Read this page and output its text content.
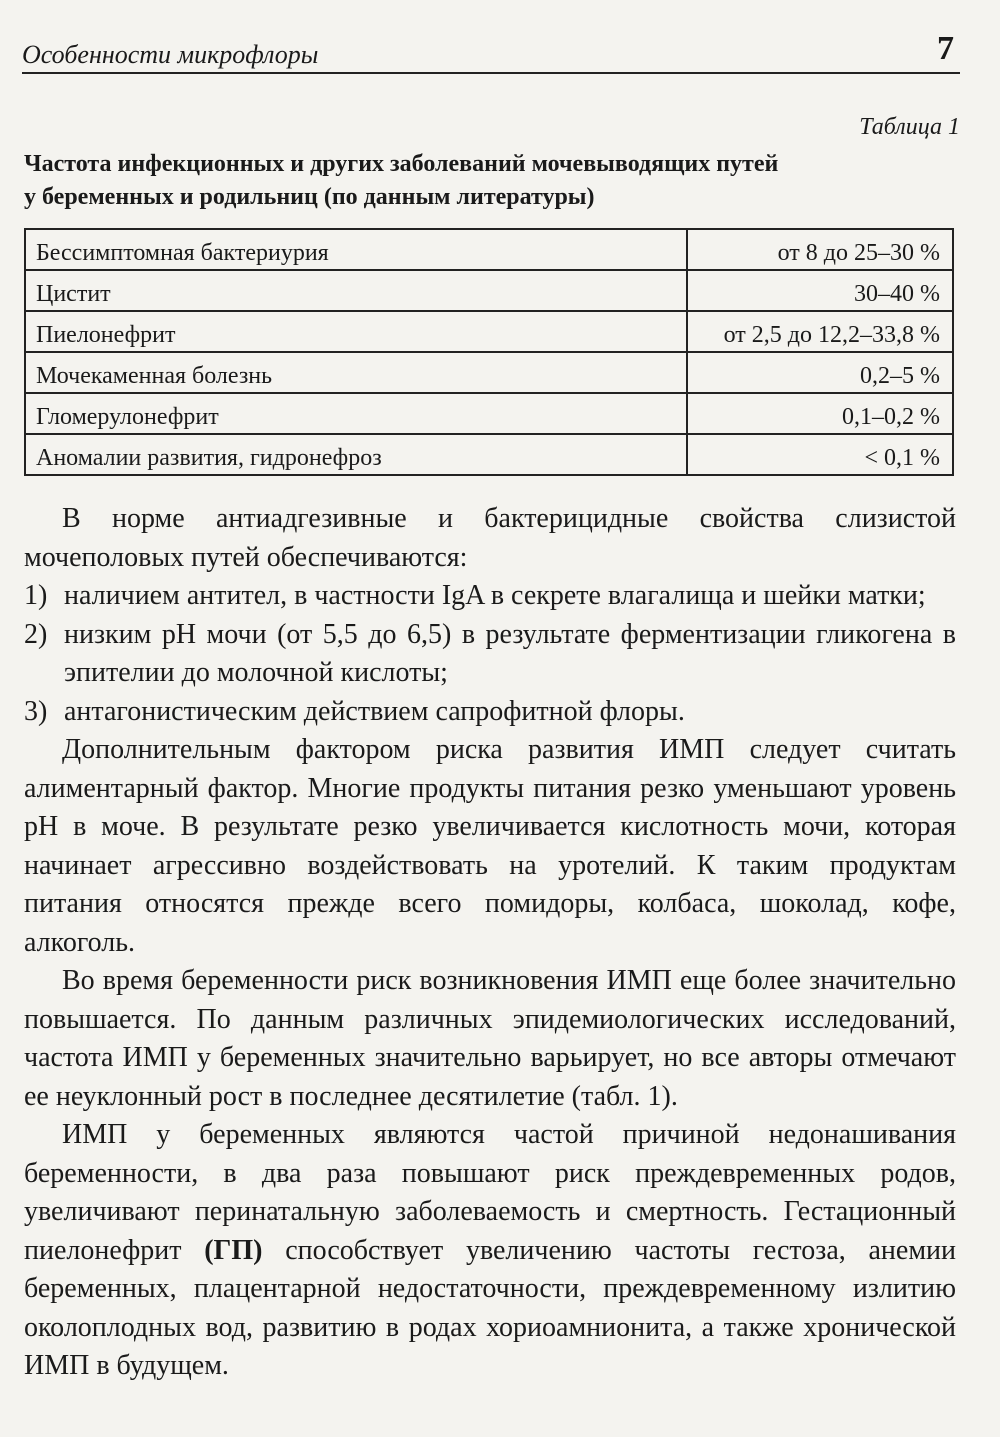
Особенности микрофлоры	7
Таблица 1
Частота инфекционных и других заболеваний мочевыводящих путей
у беременных и родильниц (по данным литературы)
Бессимптомная бактериурия	от 8 до 25–30 %
Цистит	30–40 %
Пиелонефрит	от 2,5 до 12,2–33,8 %
Мочекаменная болезнь	0,2–5 %
Гломерулонефрит	0,1–0,2 %
Аномалии развития, гидронефроз	< 0,1 %

В норме антиадгезивные и бактерицидные свойства слизистой мочеполовых путей обеспечиваются:

1) наличием антител, в частности IgA в секрете влагалища и шейки матки;
2) низким pH мочи (от 5,5 до 6,5) в результате ферментизации гликогена в эпителии до молочной кислоты;
3) антагонистическим действием сапрофитной флоры.

Дополнительным фактором риска развития ИМП следует считать алиментарный фактор. Многие продукты питания резко уменьшают уровень pH в моче. В результате резко увеличивается кислотность мочи, которая начинает агрессивно воздействовать на уротелий. К таким продуктам питания относятся прежде всего помидоры, колбаса, шоколад, кофе, алкоголь.

Во время беременности риск возникновения ИМП еще более значительно повышается. По данным различных эпидемиологических исследований, частота ИМП у беременных значительно варьирует, но все авторы отмечают ее неуклонный рост в последнее десятилетие (табл. 1).

ИМП у беременных являются частой причиной недонашивания беременности, в два раза повышают риск преждевременных родов, увеличивают перинатальную заболеваемость и смертность. Гестационный пиелонефрит (ГП) способствует увеличению частоты гестоза, анемии беременных, плацентарной недостаточности, преждевременному излитию околоплодных вод, развитию в родах хориоамнионита, а также хронической ИМП в будущем.
